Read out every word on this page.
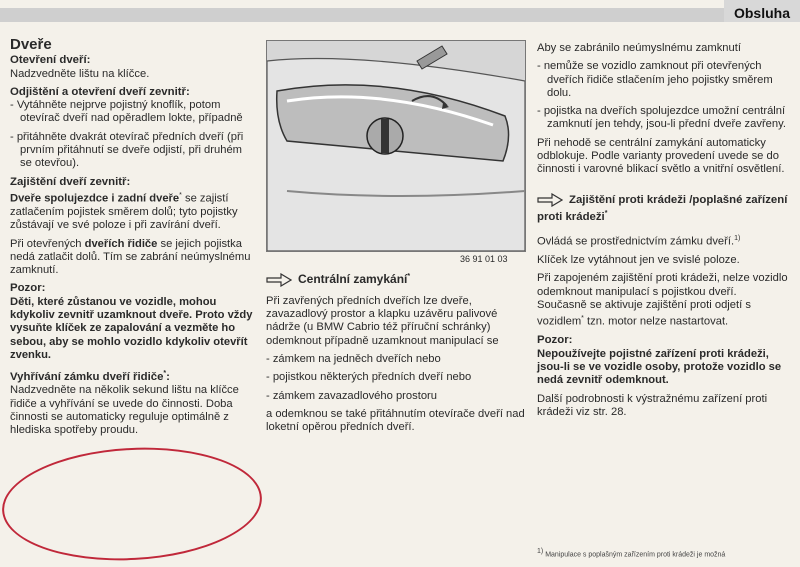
Obsluha
Dveře
Otevření dveří:

Nadzvedněte lištu na klíčce.

Odjištění a otevření dveří zevnitř:

- Vytáhněte nejprve pojistný knoflík, potom otevírač dveří nad opěradlem lokte, případně

- přitáhněte dvakrát otevírač předních dveří (při prvním přitáhnutí se dveře odjistí, při druhém se otevřou).

Zajištění dveří zevnitř:

Dveře spolujezdce i zadní dveře* se zajistí zatlačením pojistek směrem dolů; tyto pojistky zůstávají ve své poloze i při zavírání dveří.

Při otevřených dveřích řidiče se jejich pojistka nedá zatlačit dolů. Tím se zabrání neúmyslnému zamknutí.

Pozor:

Děti, které zůstanou ve vozidle, mohou kdykoliv zevnitř uzamknout dveře. Proto vždy vysuňte klíček ze zapalování a vezměte ho sebou, aby se mohlo vozidlo kdykoliv otevřít zvenku.

Vyhřívání zámku dveří řidiče*:

Nadzvedněte na několik sekund lištu na klíčce řidiče a vyhřívání se uvede do činnosti. Doba činnosti se automaticky reguluje optimálně z hlediska spotřeby proudu.

36 91 01 03
Centrální zamykání*

Při zavřených předních dveřích lze dveře, zavazadlový prostor a klapku uzávěru palivové nádrže (u BMW Cabrio též příruční schránky) odemknout případně uzamknout manipulací se

- zámkem na jedněch dveřích nebo

- pojistkou některých předních dveří nebo

- zámkem zavazadlového prostoru

a odemknou se také přitáhnutím otevírače dveří nad loketní opěrou předních dveří.

Aby se zabránilo neúmyslnému zamknutí

- nemůže se vozidlo zamknout při otevřených dveřích řidiče stlačením jeho pojistky směrem dolu.

- pojistka na dveřích spolujezdce umožní centrální zamknutí jen tehdy, jsou-li přední dveře zavřeny.

Při nehodě se centrální zamykání automaticky odblokuje. Podle varianty provedení uvede se do činnosti i varovné blikací světlo a vnitřní osvětlení.

Zajištění proti krádeži /poplašné zařízení proti krádeži*

Ovládá se prostřednictvím zámku dveří.$^{1)}$

Klíček lze vytáhnout jen ve svislé poloze.

Při zapojeném zajištění proti krádeži, nelze vozidlo odemknout manipulací s pojistkou dveří. Současně se aktivuje zajištění proti odjetí s vozidlem* tzn. motor nelze nastartovat.

Pozor:

Nepoužívejte pojistné zařízení proti krádeži, jsou-li se ve vozidle osoby, protože vozidlo se nedá zevnitř odemknout.

Další podrobnosti k výstražnému zařízení proti krádeži viz str. 28.

$^{1)}$ Manipulace s poplašným zařízením proti krádeži je možná
